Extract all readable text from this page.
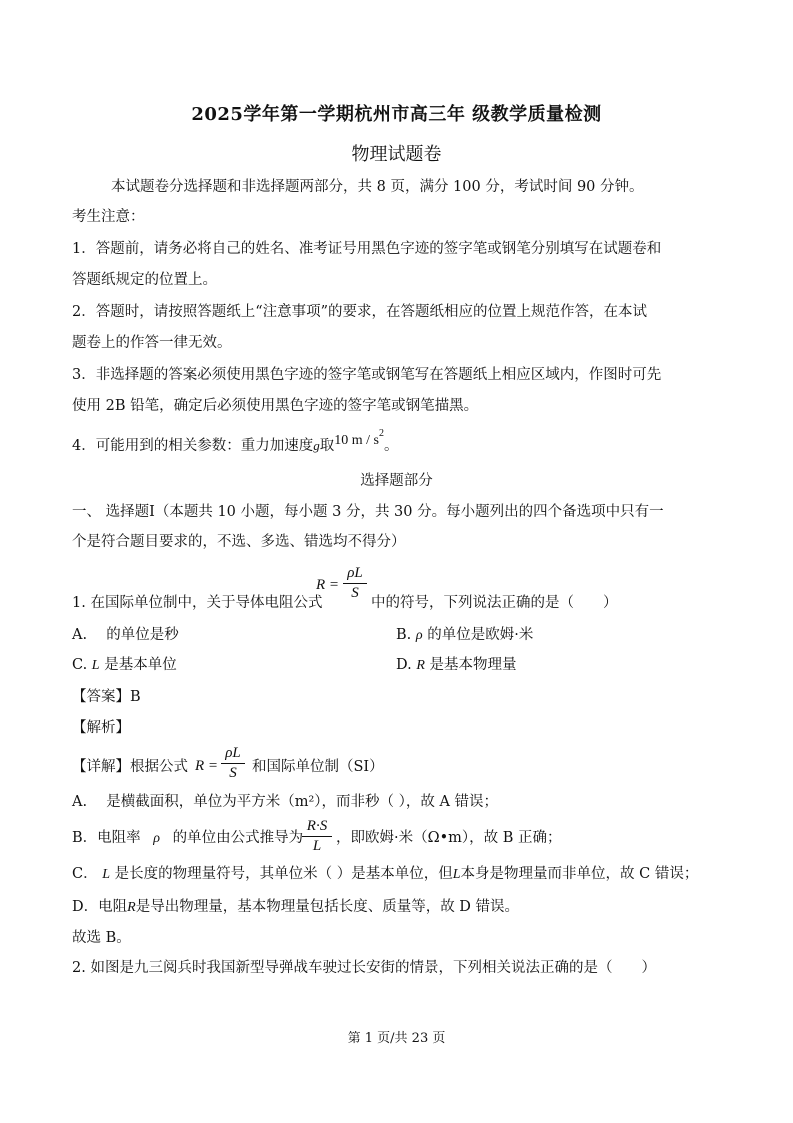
2025学年第一学期杭州市高三年 级教学质量检测
物理试题卷
本试题卷分选择题和非选择题两部分，共 8 页，满分 100 分，考试时间 90 分钟。
考生注意：
1．答题前，请务必将自己的姓名、准考证号用黑色字迹的签字笔或钢笔分别填写在试题卷和
答题纸规定的位置上。
2．答题时，请按照答题纸上“注意事项”的要求，在答题纸相应的位置上规范作答，在本试
题卷上的作答一律无效。
3．非选择题的答案必须使用黑色字迹的签字笔或钢笔写在答题纸上相应区域内，作图时可先
使用 2B 铅笔，确定后必须使用黑色字迹的签字笔或钢笔描黑。
4．可能用到的相关参数：重力加速度g取10 m / $s^2$。
选择题部分
一、 选择题Ⅰ（本题共 10 小题，每小题 3 分，共 30 分。每小题列出的四个备选项中只有一
个是符合题目要求的，不选、多选、错选均不得分）
1. 在国际单位制中，关于导体电阻公式
R =
ρL
S
中的符号，下列说法正确的是（　　）
A.　 的单位是秒	B. ρ 的单位是欧姆·米
C. L 是基本单位	D. R 是基本物理量
【答案】B
【解析】
【详解】根据公式 R =
ρL
S	和国际单位制（SI）
A.　 是横截面积，单位为平方米（m²），而非秒（ ），故 A 错误；
B．电阻率 ρ 的单位由公式推导为
R·S
L	，即欧姆·米（Ω•m），故 B 正确；
C． L 是长度的物理量符号，其单位米（ ）是基本单位，但L本身是物理量而非单位，故 C 错误；
D．电阻R是导出物理量，基本物理量包括长度、质量等，故 D 错误。
故选 B。
2. 如图是九三阅兵时我国新型导弹战车驶过长安街的情景，下列相关说法正确的是（　　）
第 1 页/共 23 页
